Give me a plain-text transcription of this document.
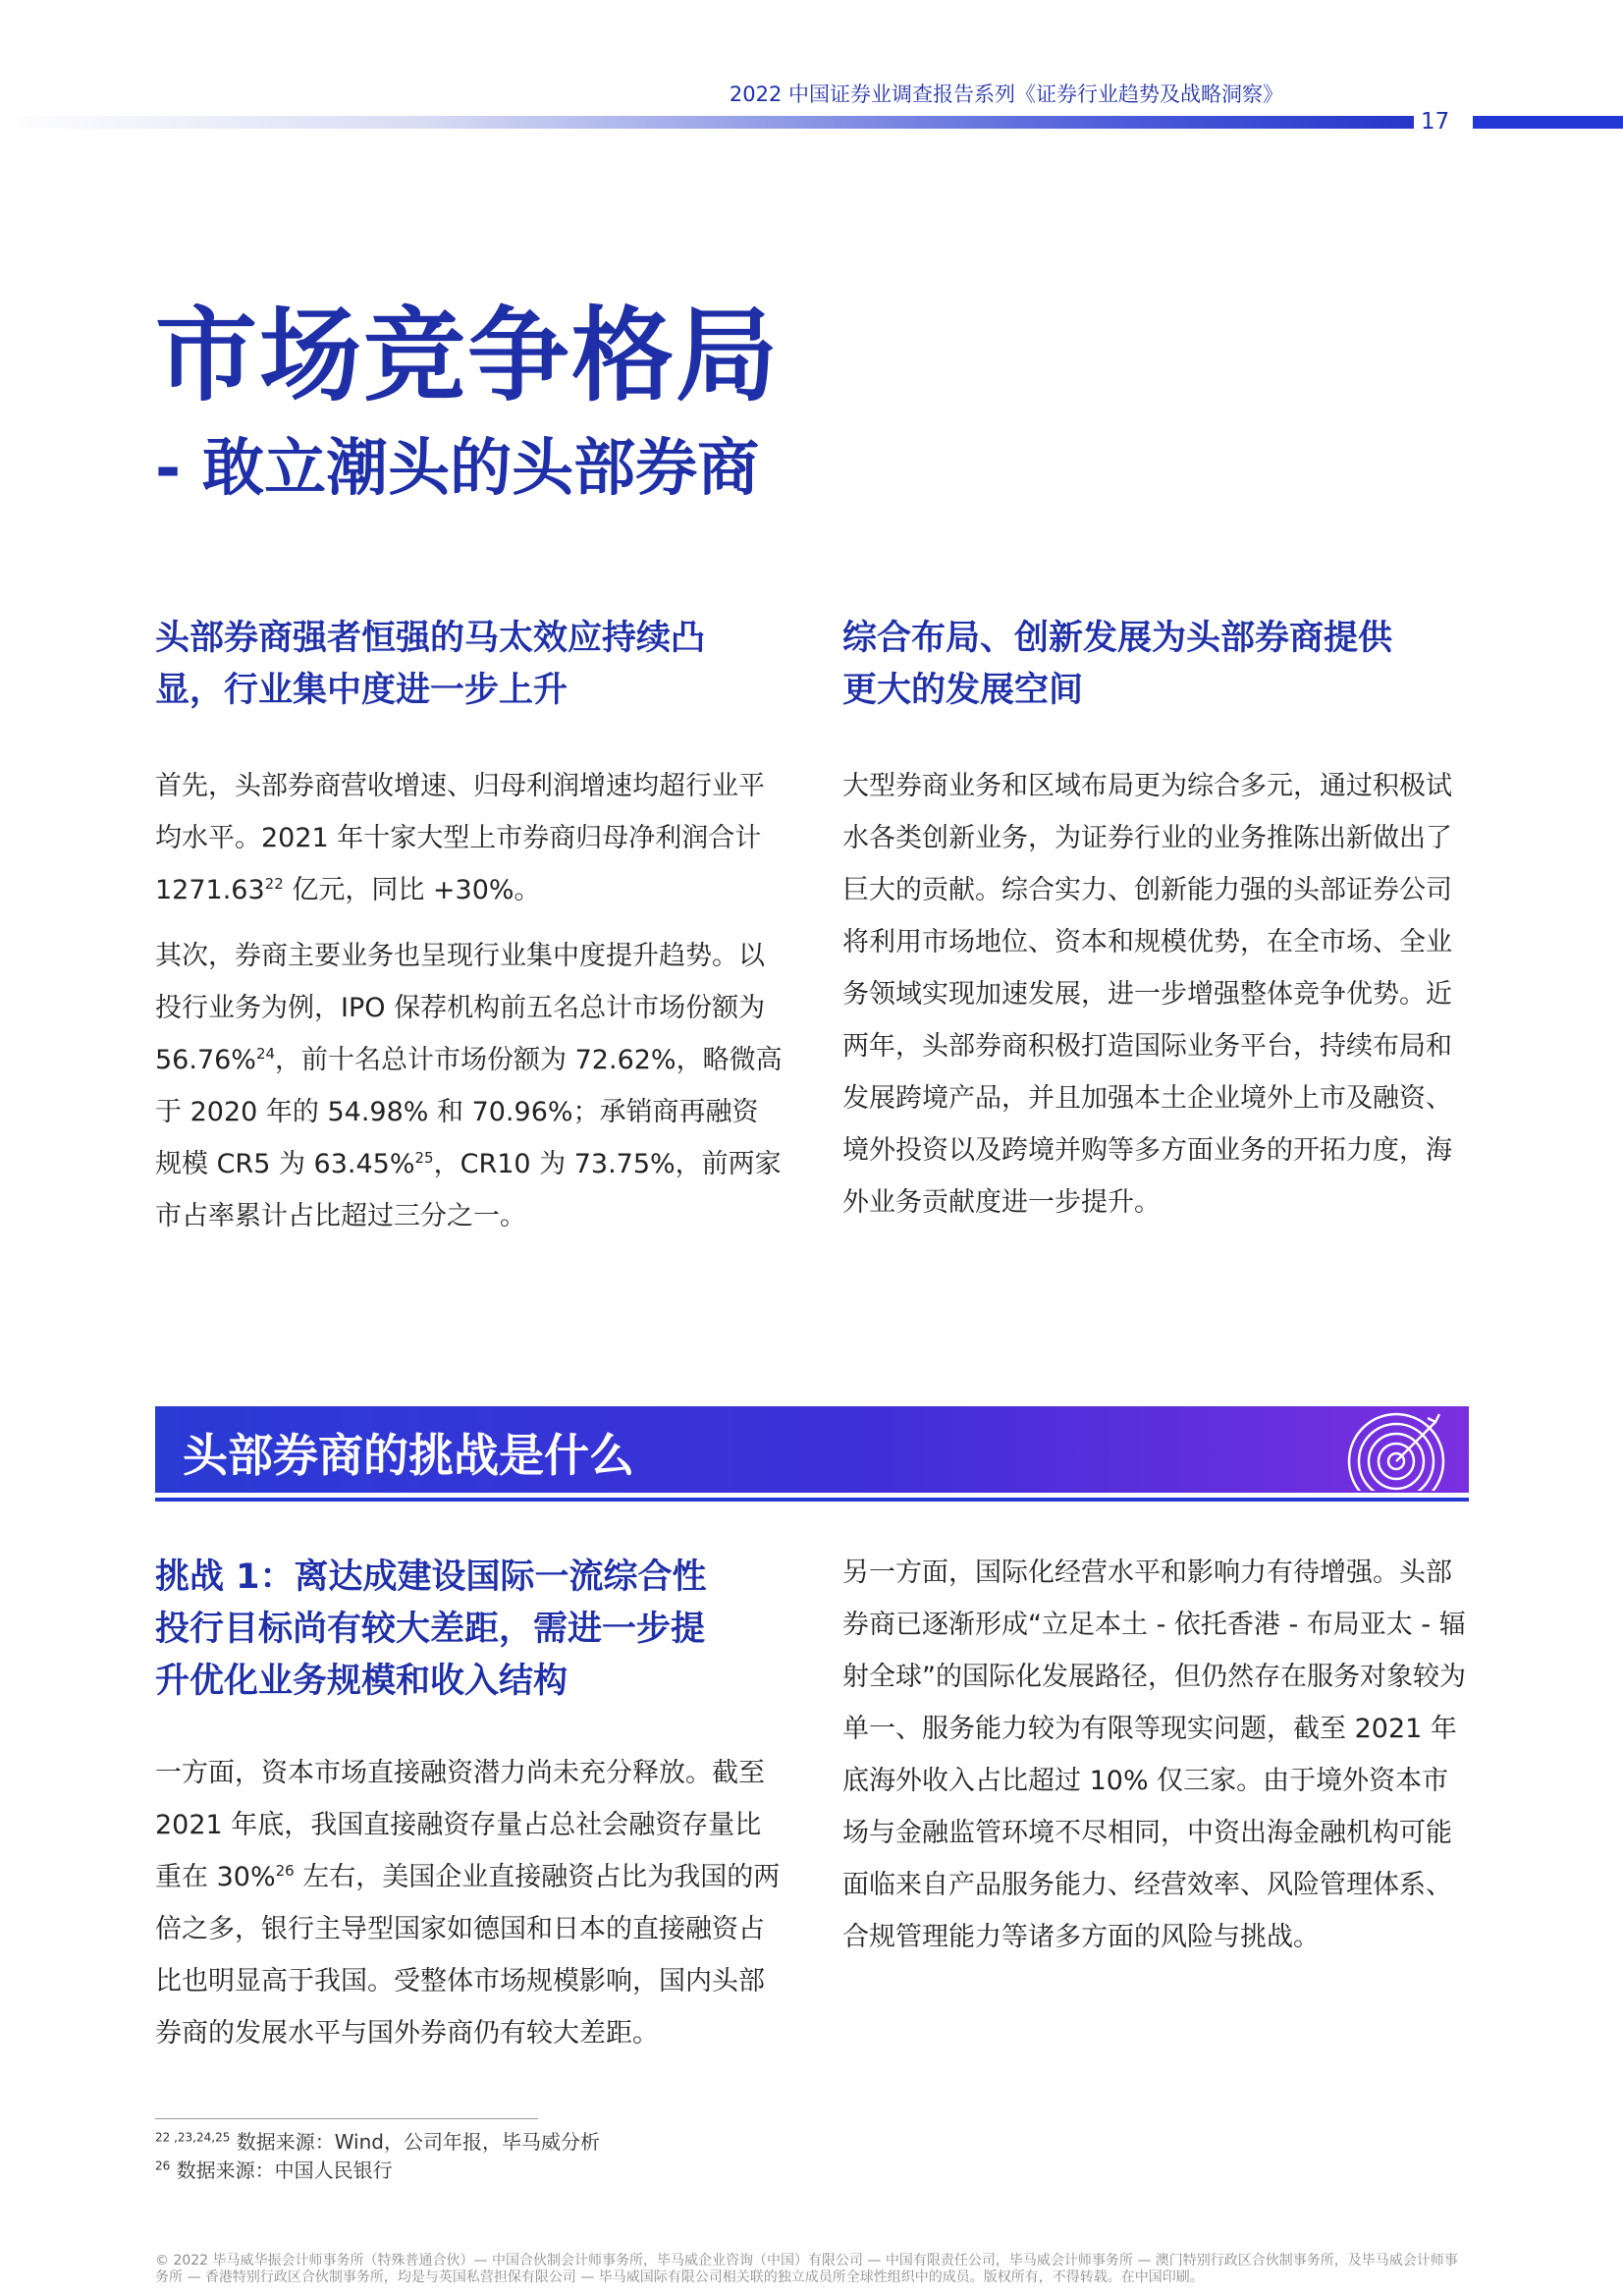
2022 中国证券业调查报告系列《证券行业趋势及战略洞察》
17
市场竞争格局
- 敢立潮头的头部券商
头部券商强者恒强的马太效应持续凸
显，行业集中度进一步上升

首先，头部券商营收增速、归母利润增速均超行业平均水平。2021 年十家大型上市券商归母净利润合计 1271.63$^{22}$ 亿元，同比 +30%。

其次，券商主要业务也呈现行业集中度提升趋势。以投行业务为例，IPO 保荐机构前五名总计市场份额为 56.76%$^{24}$，前十名总计市场份额为 72.62%，略微高于 2020 年的 54.98% 和 70.96%；承销商再融资规模 CR5 为 63.45%$^{25}$，CR10 为 73.75%，前两家市占率累计占比超过三分之一。

综合布局、创新发展为头部券商提供
更大的发展空间

大型券商业务和区域布局更为综合多元，通过积极试水各类创新业务，为证券行业的业务推陈出新做出了巨大的贡献。综合实力、创新能力强的头部证券公司将利用市场地位、资本和规模优势，在全市场、全业务领域实现加速发展，进一步增强整体竞争优势。近两年，头部券商积极打造国际业务平台，持续布局和发展跨境产品，并且加强本土企业境外上市及融资、境外投资以及跨境并购等多方面业务的开拓力度，海外业务贡献度进一步提升。

头部券商的挑战是什么
挑战 1：离达成建设国际一流综合性
投行目标尚有较大差距，需进一步提
升优化业务规模和收入结构

一方面，资本市场直接融资潜力尚未充分释放。截至 2021 年底，我国直接融资存量占总社会融资存量比重在 30%$^{26}$ 左右，美国企业直接融资占比为我国的两倍之多，银行主导型国家如德国和日本的直接融资占比也明显高于我国。受整体市场规模影响，国内头部券商的发展水平与国外券商仍有较大差距。

另一方面，国际化经营水平和影响力有待增强。头部券商已逐渐形成“立足本土 - 依托香港 - 布局亚太 - 辐射全球”的国际化发展路径，但仍然存在服务对象较为单一、服务能力较为有限等现实问题，截至 2021 年底海外收入占比超过 10% 仅三家。由于境外资本市场与金融监管环境不尽相同，中资出海金融机构可能面临来自产品服务能力、经营效率、风险管理体系、合规管理能力等诸多方面的风险与挑战。

$^{22 ,23,24,25}$ 数据来源：Wind，公司年报，毕马威分析
$^{26}$ 数据来源：中国人民银行
© 2022 毕马威华振会计师事务所（特殊普通合伙）— 中国合伙制会计师事务所，毕马威企业咨询（中国）有限公司 — 中国有限责任公司，毕马威会计师事务所 — 澳门特别行政区合伙制事务所，及毕马威会计师事务所 — 香港特别行政区合伙制事务所，均是与英国私营担保有限公司 — 毕马威国际有限公司相关联的独立成员所全球性组织中的成员。版权所有，不得转载。在中国印刷。
